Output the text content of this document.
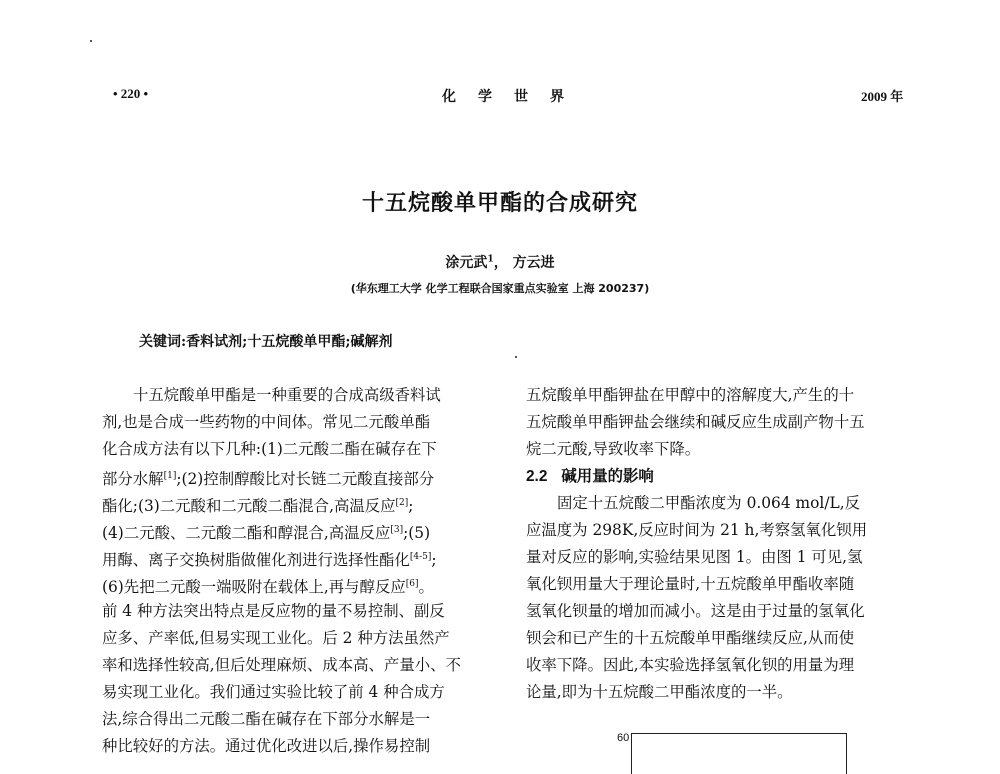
• 220 •	化学世界	2009 年
十五烷酸单甲酯的合成研究
涂元武$^1$， 方云进
(华东理工大学 化学工程联合国家重点实验室 上海 200237)
关键词:香料试剂;十五烷酸单甲酯;碱解剂
十五烷酸单甲酯是一种重要的合成高级香料试
剂,也是合成一些药物的中间体。常见二元酸单酯
化合成方法有以下几种:(1)二元酸二酯在碱存在下
部分水解[1];(2)控制醇酸比对长链二元酸直接部分
酯化;(3)二元酸和二元酸二酯混合,高温反应[2];
(4)二元酸、二元酸二酯和醇混合,高温反应[3];(5)
用酶、离子交换树脂做催化剂进行选择性酯化[4-5];
(6)先把二元酸一端吸附在载体上,再与醇反应[6]。
前 4 种方法突出特点是反应物的量不易控制、副反
应多、产率低,但易实现工业化。后 2 种方法虽然产
率和选择性较高,但后处理麻烦、成本高、产量小、不
易实现工业化。我们通过实验比较了前 4 种合成方
法,综合得出二元酸二酯在碱存在下部分水解是一
种比较好的方法。通过优化改进以后,操作易控制
五烷酸单甲酯钾盐在甲醇中的溶解度大,产生的十
五烷酸单甲酯钾盐会继续和碱反应生成副产物十五
烷二元酸,导致收率下降。
2.2 碱用量的影响
固定十五烷酸二甲酯浓度为 0.064 mol/L,反
应温度为 298K,反应时间为 21 h,考察氢氧化钡用
量对反应的影响,实验结果见图 1。由图 1 可见,氢
氧化钡用量大于理论量时,十五烷酸单甲酯收率随
氢氧化钡量的增加而减小。这是由于过量的氢氧化
钡会和已产生的十五烷酸单甲酯继续反应,从而使
收率下降。因此,本实验选择氢氧化钡的用量为理
论量,即为十五烷酸二甲酯浓度的一半。
60
